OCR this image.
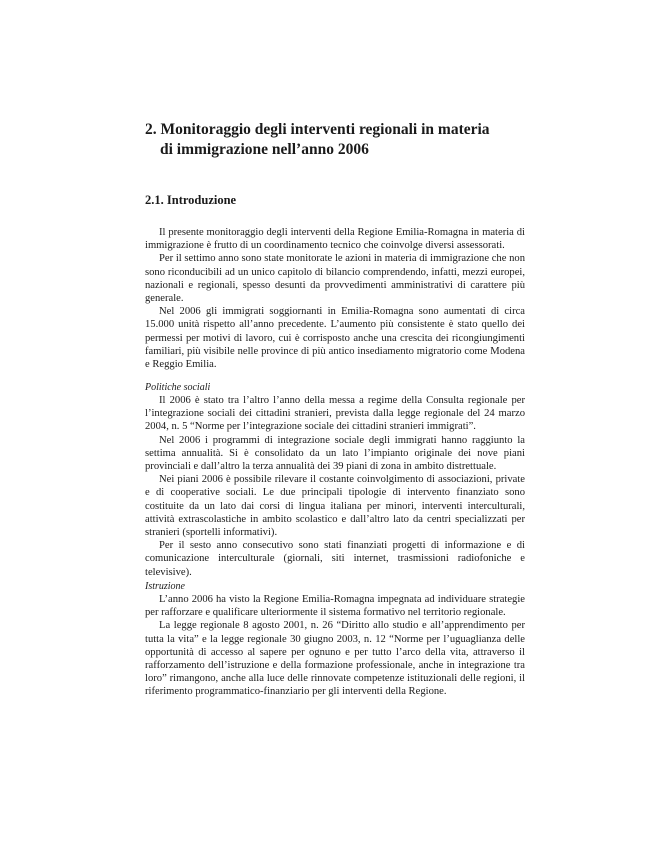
2. Monitoraggio degli interventi regionali in materia
di immigrazione nell’anno 2006
2.1. Introduzione

Il presente monitoraggio degli interventi della Regione Emilia-Romagna in materia di immigrazione è frutto di un coordinamento tecnico che coinvolge diversi assessorati.

Per il settimo anno sono state monitorate le azioni in materia di immigrazione che non sono riconducibili ad un unico capitolo di bilancio comprendendo, infatti, mezzi europei, nazionali e regionali, spesso desunti da provvedimenti amministrativi di carattere più generale.

Nel 2006 gli immigrati soggiornanti in Emilia-Romagna sono aumentati di circa 15.000 unità rispetto all’anno precedente. L’aumento più consistente è stato quello dei permessi per motivi di lavoro, cui è corrisposto anche una crescita dei ricongiungimenti familiari, più visibile nelle province di più antico insediamento migratorio come Modena e Reggio Emilia.

Politiche sociali

Il 2006 è stato tra l’altro l’anno della messa a regime della Consulta regionale per l’integrazione sociali dei cittadini stranieri, prevista dalla legge regionale del 24 marzo 2004, n. 5 “Norme per l’integrazione sociale dei cittadini stranieri immigrati”.

Nel 2006 i programmi di integrazione sociale degli immigrati hanno raggiunto la settima annualità. Si è consolidato da un lato l’impianto originale dei nove piani provinciali e dall’altro la terza annualità dei 39 piani di zona in ambito distrettuale.

Nei piani 2006 è possibile rilevare il costante coinvolgimento di associazioni, private e di cooperative sociali. Le due principali tipologie di intervento finanziato sono costituite da un lato dai corsi di lingua italiana per minori, interventi interculturali, attività extrascolastiche in ambito scolastico e dall’altro lato da centri specializzati per stranieri (sportelli informativi).

Per il sesto anno consecutivo sono stati finanziati progetti di informazione e di comunicazione interculturale (giornali, siti internet, trasmissioni radiofoniche e televisive).

Istruzione

L’anno 2006 ha visto la Regione Emilia-Romagna impegnata ad individuare strategie per rafforzare e qualificare ulteriormente il sistema formativo nel territorio regionale.

La legge regionale 8 agosto 2001, n. 26 “Diritto allo studio e all’apprendimento per tutta la vita” e la legge regionale 30 giugno 2003, n. 12 “Norme per l’uguaglianza delle opportunità di accesso al sapere per ognuno e per tutto l’arco della vita, attraverso il rafforzamento dell’istruzione e della formazione professionale, anche in integrazione tra loro” rimangono, anche alla luce delle rinnovate competenze istituzionali delle regioni, il riferimento programmatico-finanziario per gli interventi della Regione.
